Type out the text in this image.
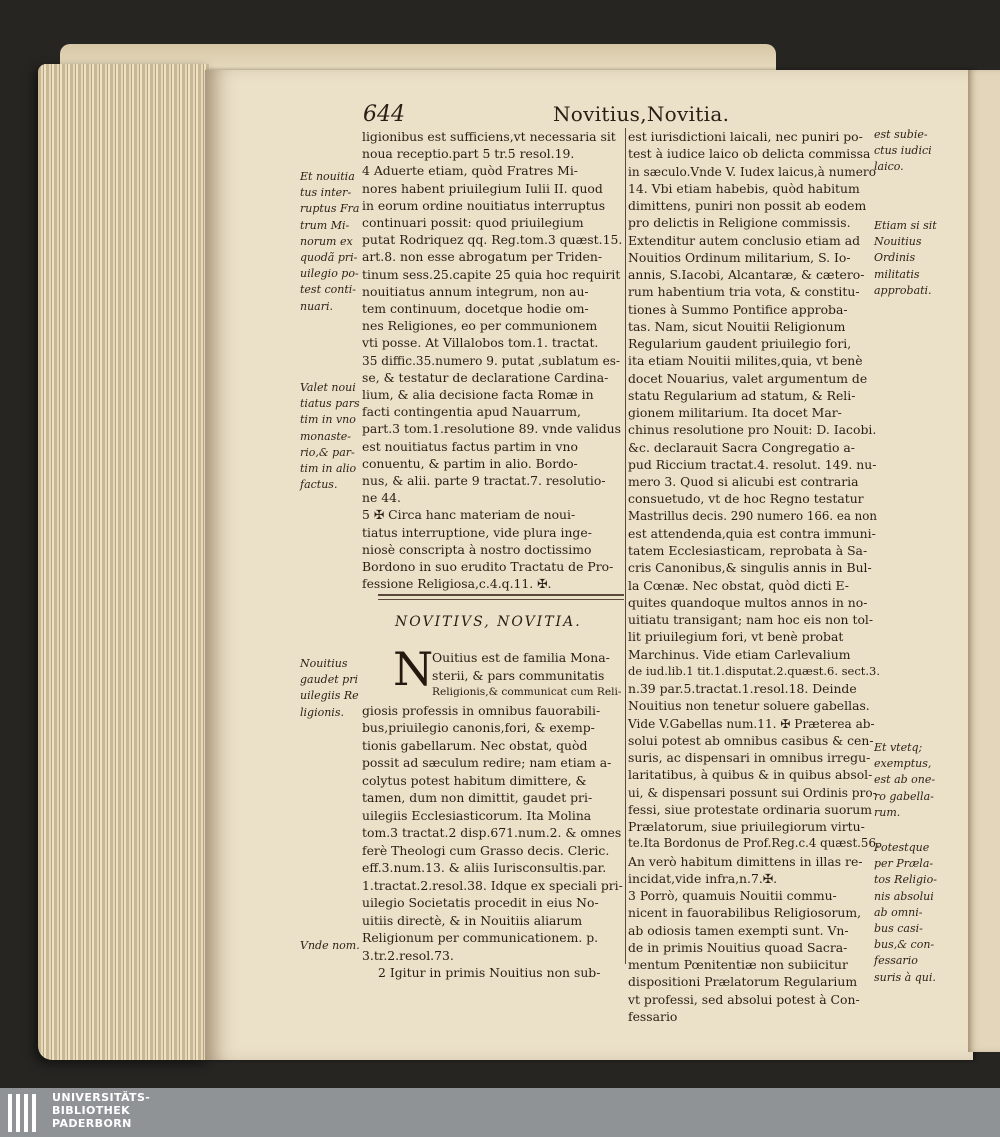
644	Novitius,Novitia.
ligionibus est sufficiens,vt necessaria sit
noua receptio.part 5 tr.5 resol.19.
4 Aduerte etiam, quòd Fratres Mi-
nores habent priuilegium Iulii II. quod
in eorum ordine nouitiatus interruptus
continuari possit: quod priuilegium
putat Rodriquez qq. Reg.tom.3 quæst.15.
art.8. non esse abrogatum per Triden-
tinum sess.25.capite 25 quia hoc requirit
nouitiatus annum integrum, non au-
tem continuum, docetque hodie om-
nes Religiones, eo per communionem
vti posse. At Villalobos tom.1. tractat.
35 diffic.35.numero 9. putat ,sublatum es-
se, & testatur de declaratione Cardina-
lium, & alia decisione facta Romæ in
facti contingentia apud Nauarrum,
part.3 tom.1.resolutione 89. vnde validus
est nouitiatus factus partim in vno
conuentu, & partim in alio. Bordo-
nus, & alii. parte 9 tractat.7. resolutio-
ne 44.
5 ✠ Circa hanc materiam de noui-
tiatus interruptione, vide plura inge-
niosè conscripta à nostro doctissimo
Bordono in suo erudito Tractatu de Pro-
fessione Religiosa,c.4.q.11. ✠.
NOVITIVS, NOVITIA.
N
Ouitius est de familia Mona-
sterii, & pars communitatis
Religionis,& communicat cum Reli-
giosis professis in omnibus fauorabili-
bus,priuilegio canonis,fori, & exemp-
tionis gabellarum. Nec obstat, quòd
possit ad sæculum redire; nam etiam a-
colytus potest habitum dimittere, &
tamen, dum non dimittit, gaudet pri-
uilegiis Ecclesiasticorum. Ita Molina
tom.3 tractat.2 disp.671.num.2. & omnes
ferè Theologi cum Grasso decis. Cleric.
eff.3.num.13. & aliis Iurisconsultis.par.
1.tractat.2.resol.38. Idque ex speciali pri-
uilegio Societatis procedit in eius No-
uitiis directè, & in Nouitiis aliarum
Religionum per communicationem. p.
3.tr.2.resol.73.
2 Igitur in primis Nouitius non sub-
est iurisdictioni laicali, nec puniri po-
test à iudice laico ob delicta commissa
in sæculo.Vnde V. Iudex laicus,à numero
14. Vbi etiam habebis, quòd habitum
dimittens, puniri non possit ab eodem
pro delictis in Religione commissis.
Extenditur autem conclusio etiam ad
Nouitios Ordinum militarium, S. Io-
annis, S.Iacobi, Alcantaræ, & cætero-
rum habentium tria vota, & constitu-
tiones à Summo Pontifice approba-
tas. Nam, sicut Nouitii Religionum
Regularium gaudent priuilegio fori,
ita etiam Nouitii milites,quia, vt benè
docet Nouarius, valet argumentum de
statu Regularium ad statum, & Reli-
gionem militarium. Ita docet Mar-
chinus resolutione pro Nouit: D. Iacobi.
&c. declarauit Sacra Congregatio a-
pud Riccium tractat.4. resolut. 149. nu-
mero 3. Quod si alicubi est contraria
consuetudo, vt de hoc Regno testatur
Mastrillus decis. 290 numero 166. ea non
est attendenda,quia est contra immuni-
tatem Ecclesiasticam, reprobata à Sa-
cris Canonibus,& singulis annis in Bul-
la Cœnæ. Nec obstat, quòd dicti E-
quites quandoque multos annos in no-
uitiatu transigant; nam hoc eis non tol-
lit priuilegium fori, vt benè probat
Marchinus. Vide etiam Carlevalium
de iud.lib.1 tit.1.disputat.2.quæst.6. sect.3.
n.39 par.5.tractat.1.resol.18. Deinde
Nouitius non tenetur soluere gabellas.
Vide V.Gabellas num.11. ✠ Præterea ab-
solui potest ab omnibus casibus & cen-
suris, ac dispensari in omnibus irregu-
laritatibus, à quibus & in quibus absol-
ui, & dispensari possunt sui Ordinis pro-
fessi, siue protestate ordinaria suorum
Prælatorum, siue priuilegiorum virtu-
te.Ita Bordonus de Prof.Reg.c.4 quæst.56.
An verò habitum dimittens in illas re-
incidat,vide infra,n.7.✠.
3 Porrò, quamuis Nouitii commu-
nicent in fauorabilibus Religiosorum,
ab odiosis tamen exempti sunt. Vn-
de in primis Nouitius quoad Sacra-
mentum Pœnitentiæ non subiicitur
dispositioni Prælatorum Regularium
vt professi, sed absolui potest à Con-
fessario
Et nouitia
tus inter-
ruptus Fra
trum Mi-
norum ex
quodã pri-
uilegio po-
test conti-
nuari.
Valet noui
tiatus pars
tim in vno
monaste-
rio,& par-
tim in alio
factus.
Nouitius
gaudet pri
uilegiis Re
ligionis.
Vnde nom.
est subie-
ctus iudici
laico.
Etiam si sit
Nouitius
Ordinis
militatis
approbati.
Et vtetq;
exemptus,
est ab one-
ro gabella-
rum.
Potestque
per Præla-
tos Religio-
nis absolui
ab omni-
bus casi-
bus,& con-
fessario
suris à qui.
UNIVERSITÄTS-
BIBLIOTHEK
PADERBORN
